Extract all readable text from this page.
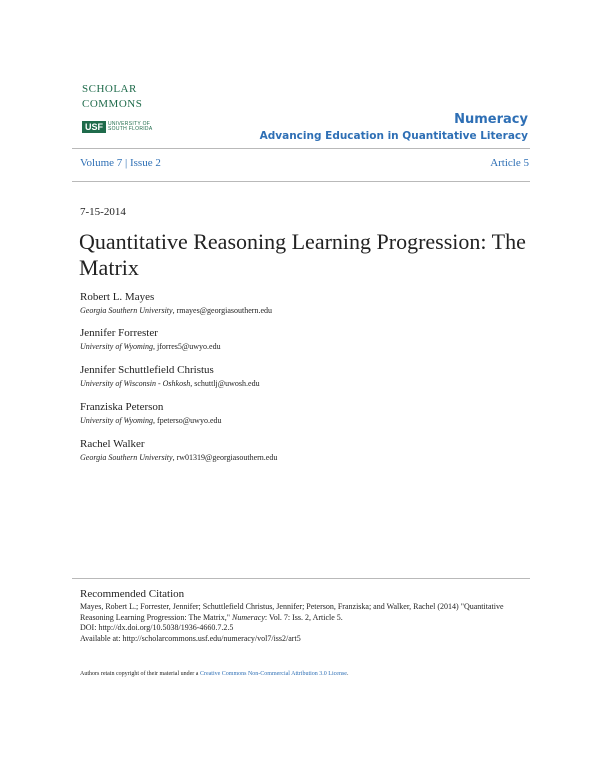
SCHOLAR
COMMONS
USF	UNIVERSITY OF SOUTH FLORIDA
Numeracy
Advancing Education in Quantitative Literacy
Volume 7 | Issue 2	Article 5
7-15-2014
Quantitative Reasoning Learning Progression: The Matrix
Robert L. Mayes
Georgia Southern University, rmayes@georgiasouthern.edu
Jennifer Forrester
University of Wyoming, jforres5@uwyo.edu
Jennifer Schuttlefield Christus
University of Wisconsin - Oshkosh, schuttlj@uwosh.edu
Franziska Peterson
University of Wyoming, fpeterso@uwyo.edu
Rachel Walker
Georgia Southern University, rw01319@georgiasouthern.edu
Recommended Citation
Mayes, Robert L.; Forrester, Jennifer; Schuttlefield Christus, Jennifer; Peterson, Franziska; and Walker, Rachel (2014) "Quantitative Reasoning Learning Progression: The Matrix," Numeracy: Vol. 7: Iss. 2, Article 5.
DOI: http://dx.doi.org/10.5038/1936-4660.7.2.5
Available at: http://scholarcommons.usf.edu/numeracy/vol7/iss2/art5
Authors retain copyright of their material under a Creative Commons Non-Commercial Attribution 3.0 License.
